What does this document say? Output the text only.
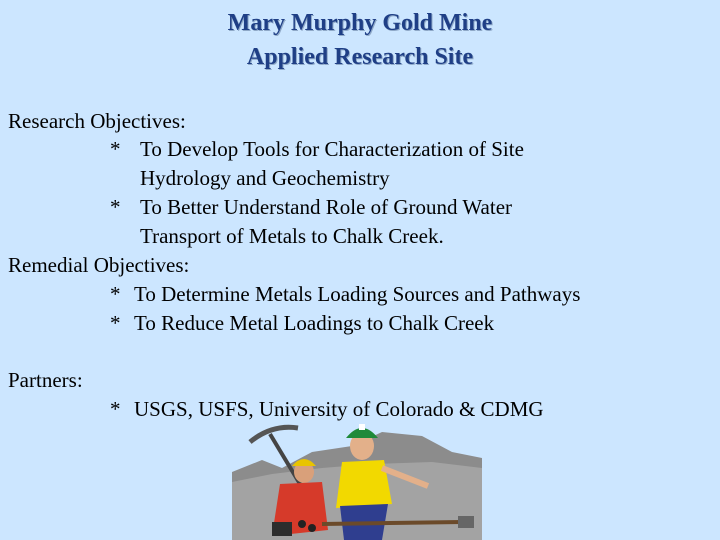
Mary Murphy Gold Mine
Applied Research Site
Research Objectives:
* To Develop Tools for Characterization of Site
Hydrology and Geochemistry
* To Better Understand Role of Ground Water
Transport of Metals to Chalk Creek.
Remedial Objectives:
* To Determine Metals Loading Sources and Pathways
* To Reduce Metal Loadings to Chalk Creek
Partners:
* USGS, USFS, University of Colorado & CDMG
